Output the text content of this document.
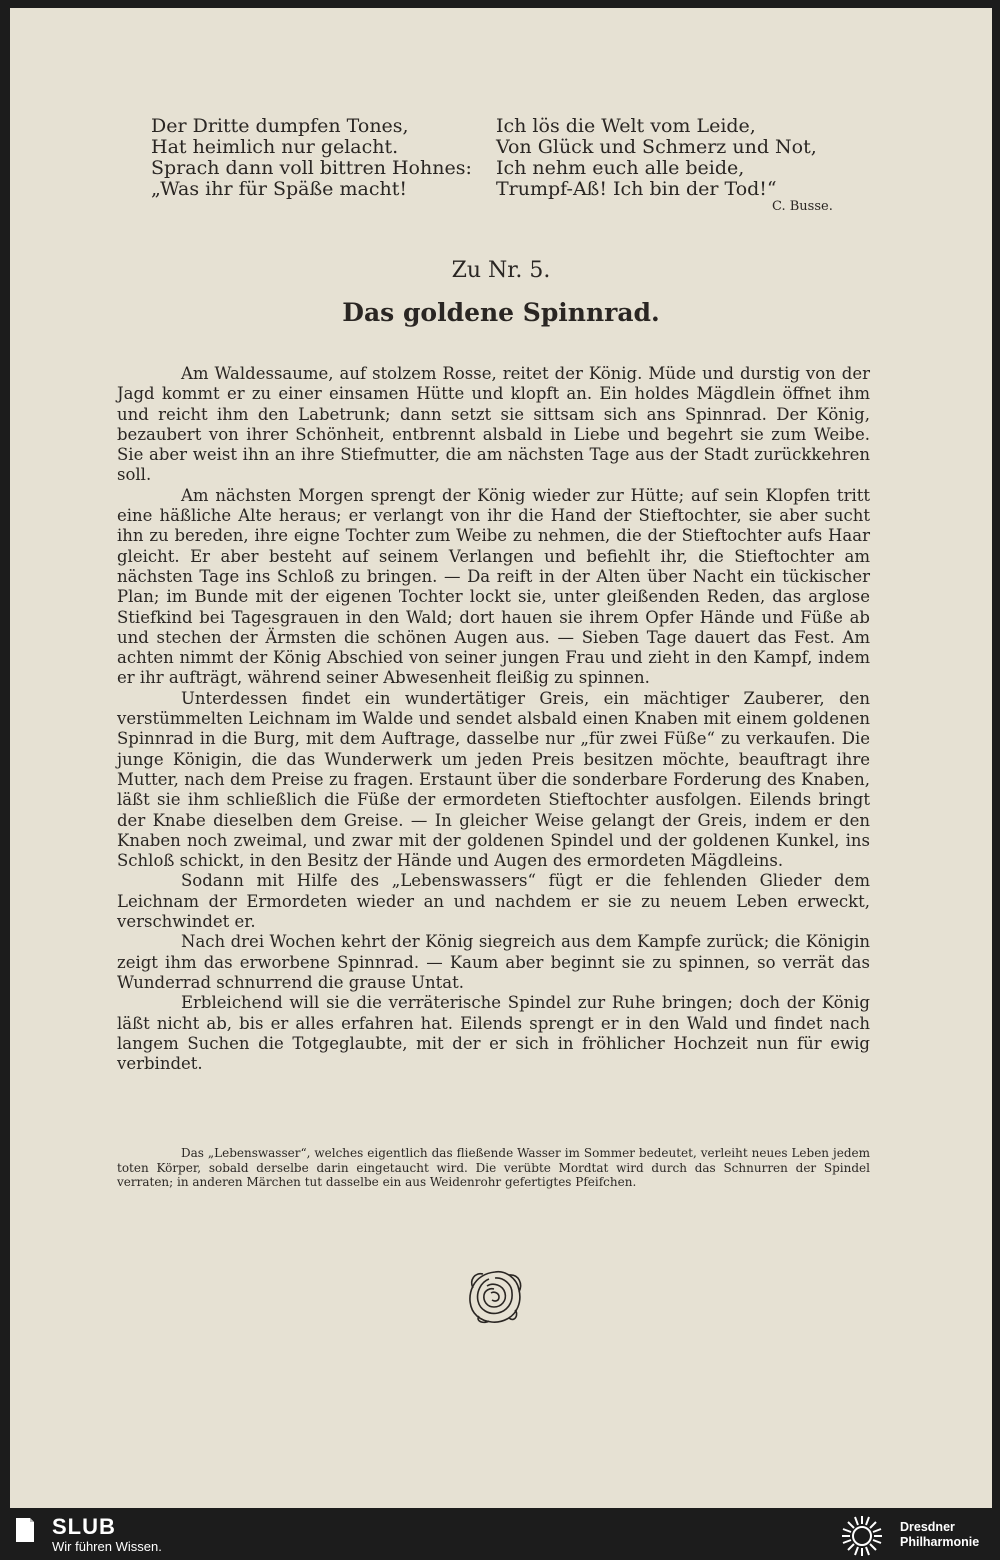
Der Dritte dumpfen Tones,
Hat heimlich nur gelacht.
Sprach dann voll bittren Hohnes:
„Was ihr für Späße macht!
Ich lös die Welt vom Leide,
Von Glück und Schmerz und Not,
Ich nehm euch alle beide,
Trumpf-Aß! Ich bin der Tod!“
C. Busse.
Zu Nr. 5.
Das goldene Spinnrad.

Am Waldessaume, auf stolzem Rosse, reitet der König. Müde und durstig von der Jagd kommt er zu einer einsamen Hütte und klopft an. Ein holdes Mägdlein öffnet ihm und reicht ihm den Labetrunk; dann setzt sie sittsam sich ans Spinnrad. Der König, bezaubert von ihrer Schönheit, entbrennt alsbald in Liebe und begehrt sie zum Weibe. Sie aber weist ihn an ihre Stiefmutter, die am nächsten Tage aus der Stadt zurückkehren soll.

Am nächsten Morgen sprengt der König wieder zur Hütte; auf sein Klopfen tritt eine häßliche Alte heraus; er verlangt von ihr die Hand der Stieftochter, sie aber sucht ihn zu bereden, ihre eigne Tochter zum Weibe zu nehmen, die der Stieftochter aufs Haar gleicht. Er aber besteht auf seinem Verlangen und befiehlt ihr, die Stieftochter am nächsten Tage ins Schloß zu bringen. — Da reift in der Alten über Nacht ein tückischer Plan; im Bunde mit der eigenen Tochter lockt sie, unter gleißenden Reden, das arglose Stiefkind bei Tagesgrauen in den Wald; dort hauen sie ihrem Opfer Hände und Füße ab und stechen der Ärmsten die schönen Augen aus. — Sieben Tage dauert das Fest. Am achten nimmt der König Abschied von seiner jungen Frau und zieht in den Kampf, indem er ihr aufträgt, während seiner Abwesenheit fleißig zu spinnen.

Unterdessen findet ein wundertätiger Greis, ein mächtiger Zauberer, den verstümmelten Leichnam im Walde und sendet alsbald einen Knaben mit einem goldenen Spinnrad in die Burg, mit dem Auftrage, dasselbe nur „für zwei Füße“ zu verkaufen. Die junge Königin, die das Wunderwerk um jeden Preis besitzen möchte, beauftragt ihre Mutter, nach dem Preise zu fragen. Erstaunt über die sonderbare Forderung des Knaben, läßt sie ihm schließlich die Füße der ermordeten Stieftochter ausfolgen. Eilends bringt der Knabe dieselben dem Greise. — In gleicher Weise gelangt der Greis, indem er den Knaben noch zweimal, und zwar mit der goldenen Spindel und der goldenen Kunkel, ins Schloß schickt, in den Besitz der Hände und Augen des ermordeten Mägdleins.

Sodann mit Hilfe des „Lebenswassers“ fügt er die fehlenden Glieder dem Leichnam der Ermordeten wieder an und nachdem er sie zu neuem Leben erweckt, verschwindet er.

Nach drei Wochen kehrt der König siegreich aus dem Kampfe zurück; die Königin zeigt ihm das erworbene Spinnrad. — Kaum aber beginnt sie zu spinnen, so verrät das Wunderrad schnurrend die grause Untat.

Erbleichend will sie die verräterische Spindel zur Ruhe bringen; doch der König läßt nicht ab, bis er alles erfahren hat. Eilends sprengt er in den Wald und findet nach langem Suchen die Totgeglaubte, mit der er sich in fröhlicher Hochzeit nun für ewig verbindet.

Das „Lebenswasser“, welches eigentlich das fließende Wasser im Sommer bedeutet, verleiht neues Leben jedem toten Körper, sobald derselbe darin eingetaucht wird. Die verübte Mordtat wird durch das Schnurren der Spindel verraten; in anderen Märchen tut dasselbe ein aus Weidenrohr gefertigtes Pfeifchen.
SLUB
Wir führen Wissen.
Dresdner
Philharmonie
